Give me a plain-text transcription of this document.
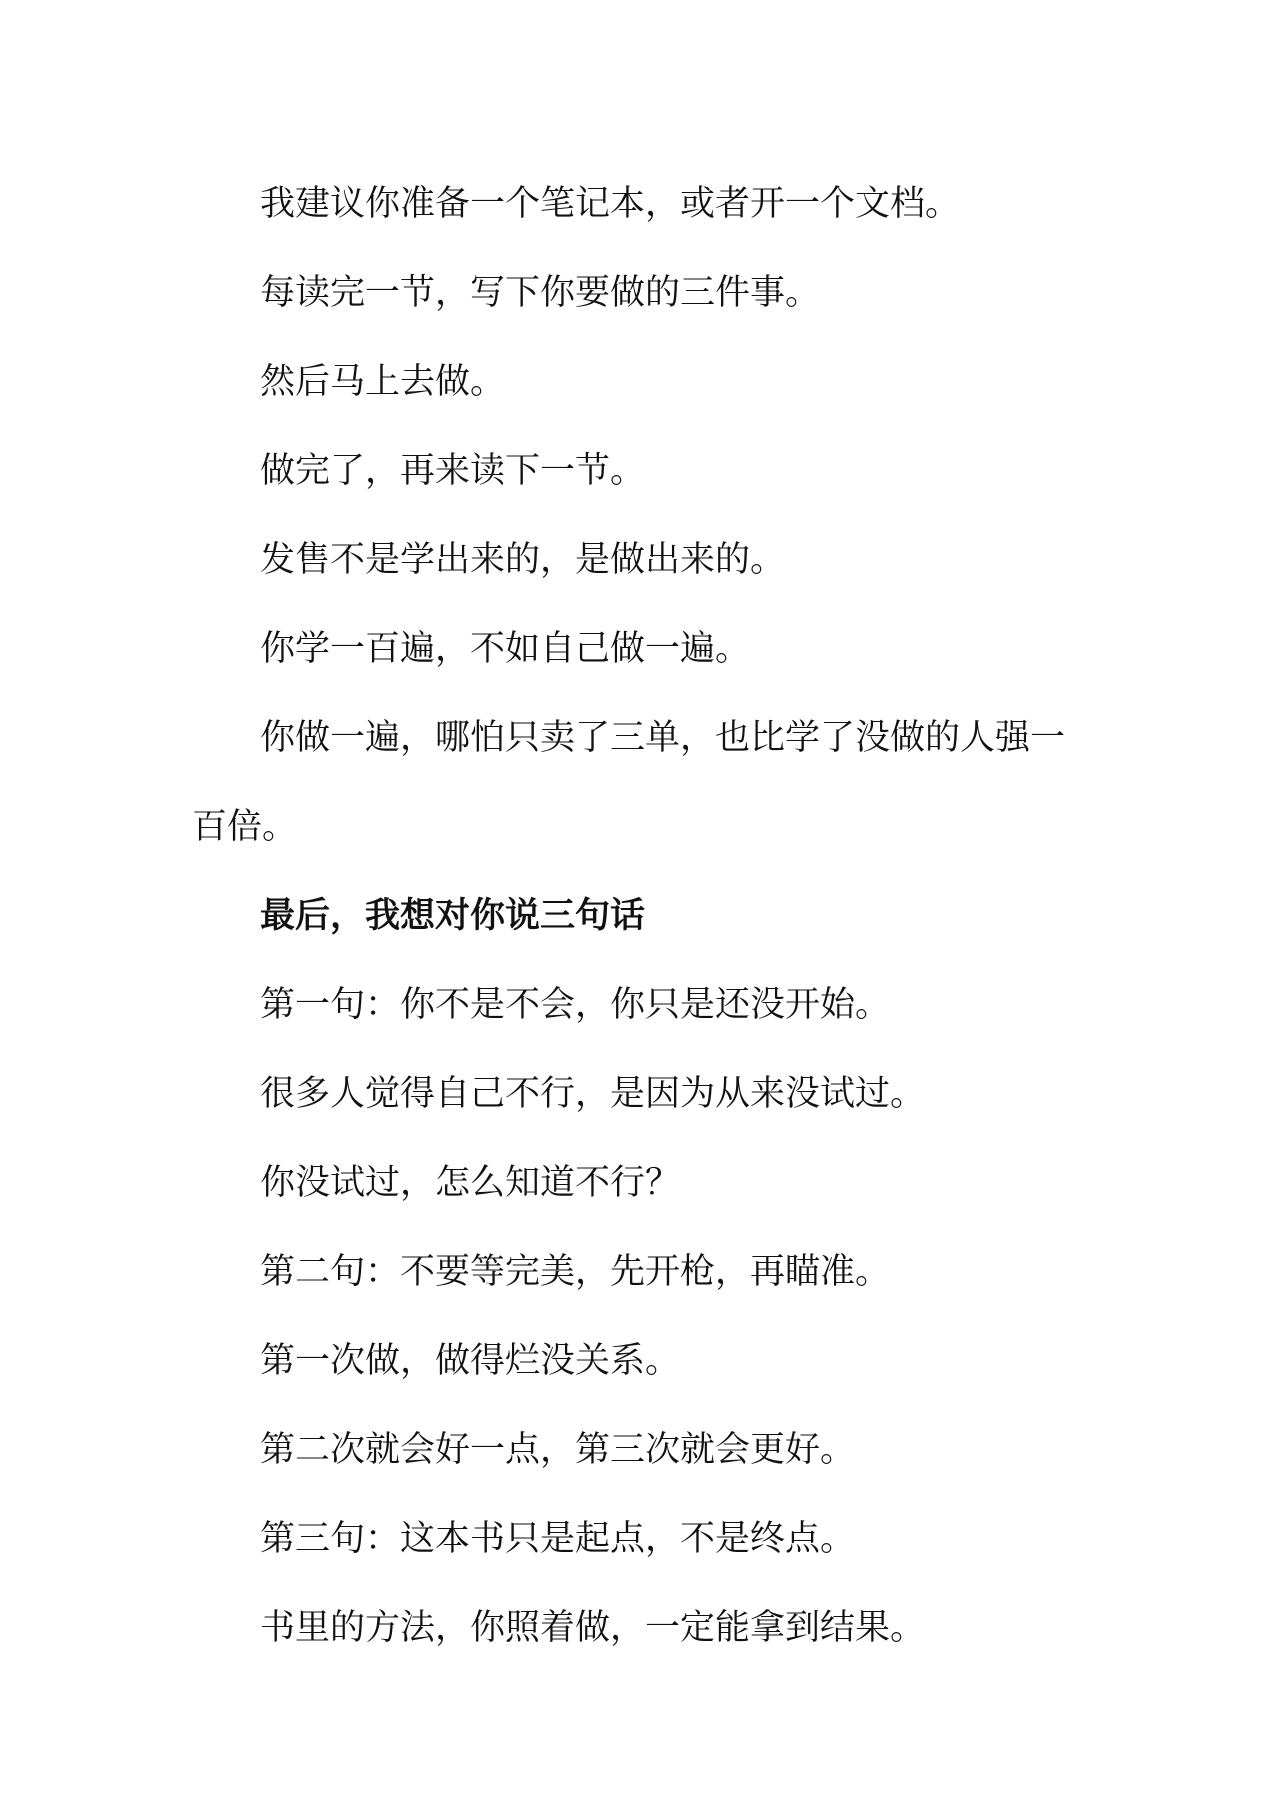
我建议你准备一个笔记本，或者开一个文档。

每读完一节，写下你要做的三件事。

然后马上去做。

做完了，再来读下一节。

发售不是学出来的，是做出来的。

你学一百遍，不如自己做一遍。

你做一遍，哪怕只卖了三单，也比学了没做的人强一百倍。

最后，我想对你说三句话

第一句：你不是不会，你只是还没开始。

很多人觉得自己不行，是因为从来没试过。

你没试过，怎么知道不行？

第二句：不要等完美，先开枪，再瞄准。

第一次做，做得烂没关系。

第二次就会好一点，第三次就会更好。

第三句：这本书只是起点，不是终点。

书里的方法，你照着做，一定能拿到结果。
